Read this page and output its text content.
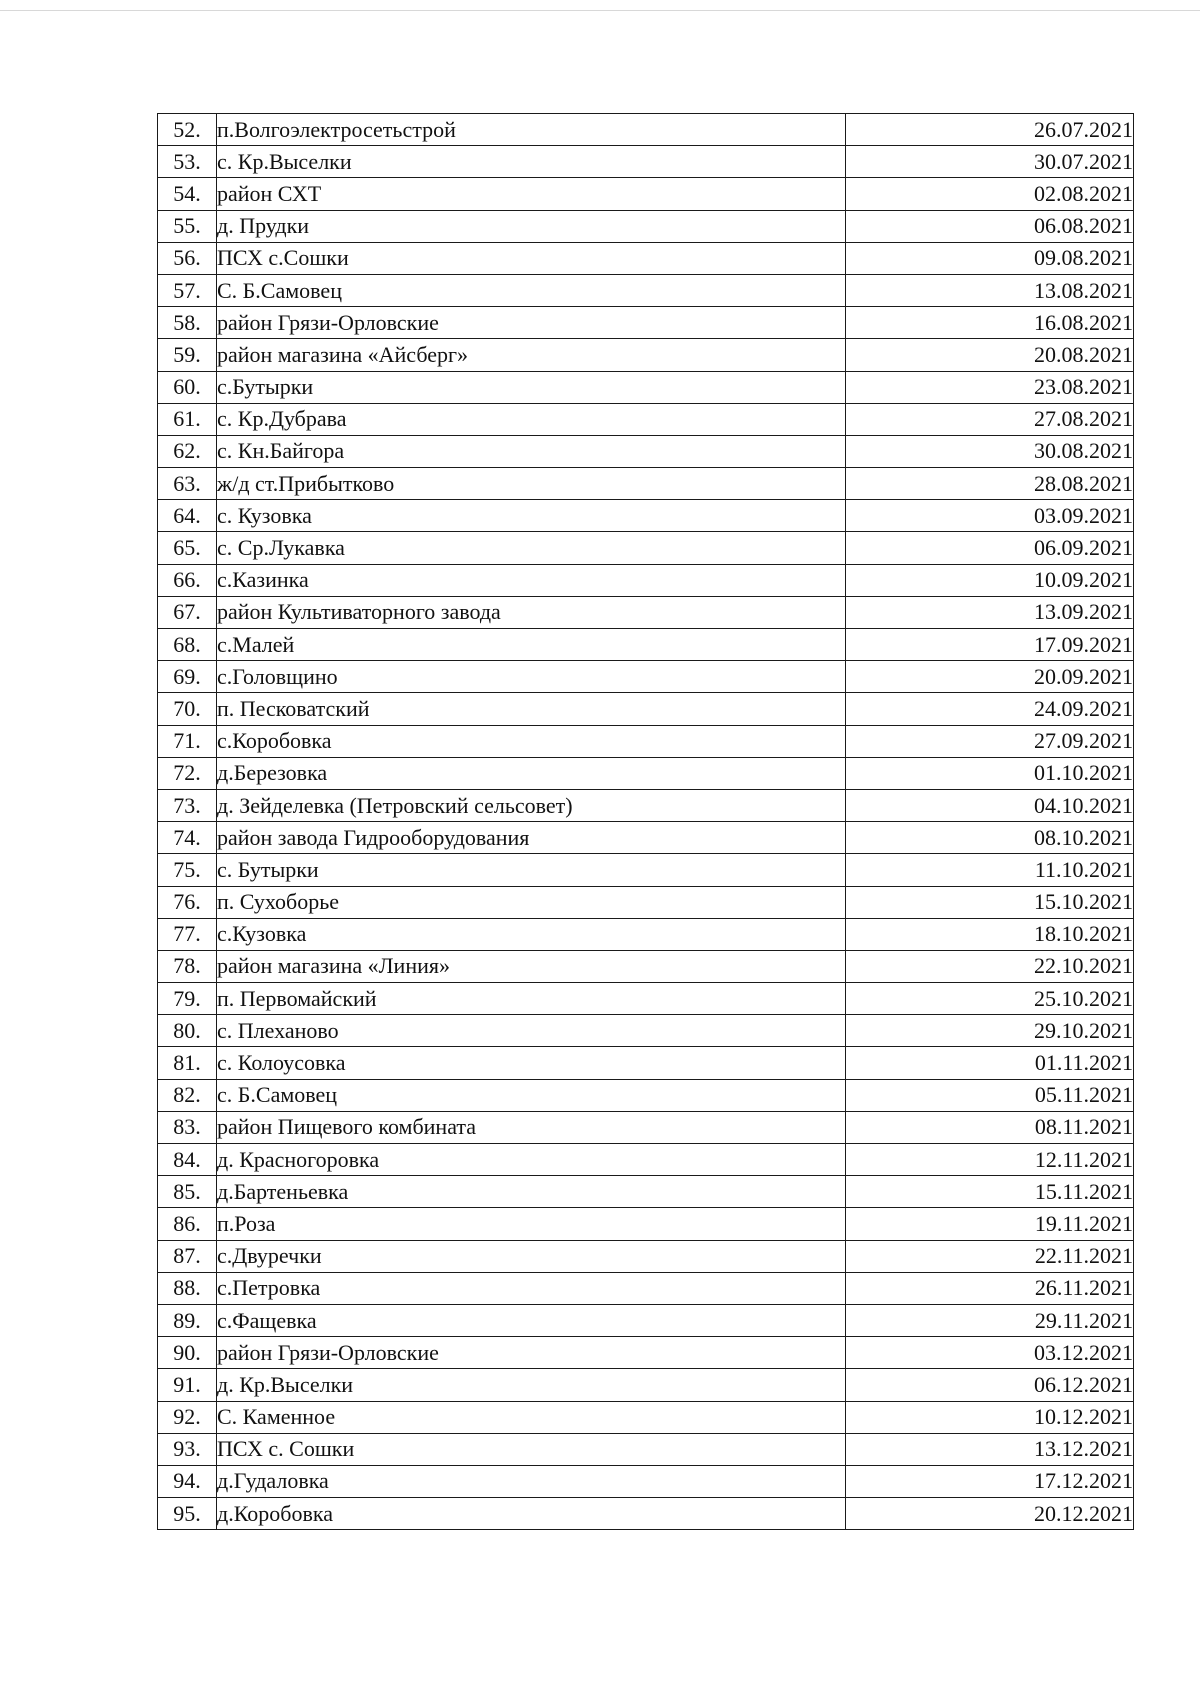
52.	п.Волгоэлектросетьстрой	26.07.2021
53.	с. Кр.Выселки	30.07.2021
54.	район СХТ	02.08.2021
55.	д. Прудки	06.08.2021
56.	ПСХ с.Сошки	09.08.2021
57.	С. Б.Самовец	13.08.2021
58.	район Грязи-Орловские	16.08.2021
59.	район магазина «Айсберг»	20.08.2021
60.	с.Бутырки	23.08.2021
61.	с. Кр.Дубрава	27.08.2021
62.	с. Кн.Байгора	30.08.2021
63.	ж/д ст.Прибытково	28.08.2021
64.	с. Кузовка	03.09.2021
65.	с. Ср.Лукавка	06.09.2021
66.	с.Казинка	10.09.2021
67.	район Культиваторного завода	13.09.2021
68.	с.Малей	17.09.2021
69.	с.Головщино	20.09.2021
70.	п. Песковатский	24.09.2021
71.	с.Коробовка	27.09.2021
72.	д.Березовка	01.10.2021
73.	д. Зейделевка (Петровский сельсовет)	04.10.2021
74.	район завода Гидрооборудования	08.10.2021
75.	с. Бутырки	11.10.2021
76.	п. Сухоборье	15.10.2021
77.	с.Кузовка	18.10.2021
78.	район магазина «Линия»	22.10.2021
79.	п. Первомайский	25.10.2021
80.	с. Плеханово	29.10.2021
81.	с. Колоусовка	01.11.2021
82.	с. Б.Самовец	05.11.2021
83.	район Пищевого комбината	08.11.2021
84.	д. Красногоровка	12.11.2021
85.	д.Бартеньевка	15.11.2021
86.	п.Роза	19.11.2021
87.	с.Двуречки	22.11.2021
88.	с.Петровка	26.11.2021
89.	с.Фащевка	29.11.2021
90.	район Грязи-Орловские	03.12.2021
91.	д. Кр.Выселки	06.12.2021
92.	С. Каменное	10.12.2021
93.	ПСХ с. Сошки	13.12.2021
94.	д.Гудаловка	17.12.2021
95.	д.Коробовка	20.12.2021
